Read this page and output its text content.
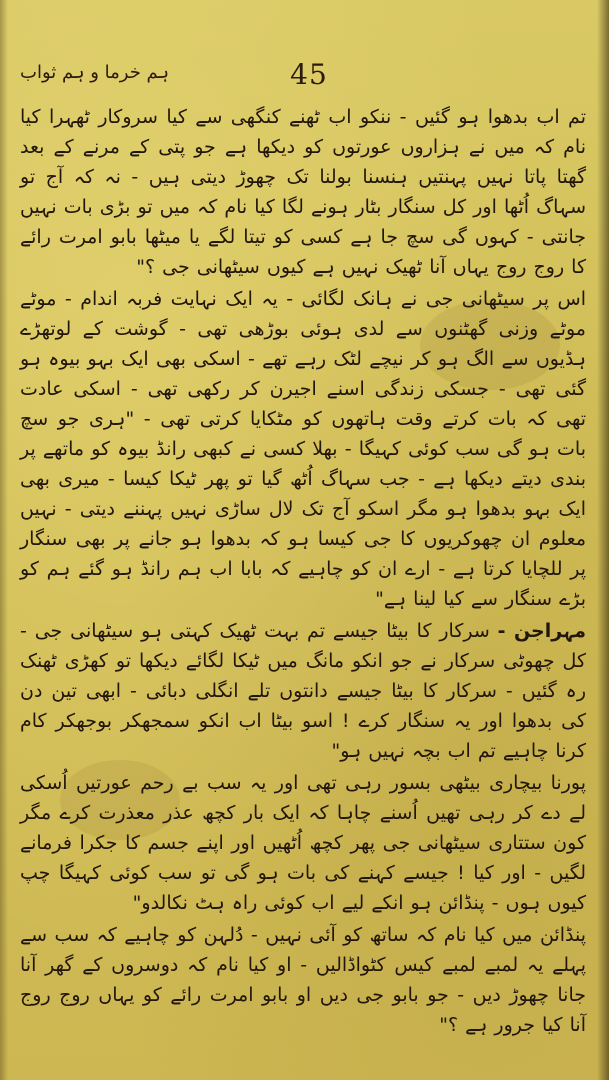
ہم خرما و ہم ثواب	45

تم اب بدھوا ہو گئیں - ننکو اب ٹھنے کنگھی سے کیا سروکار ٹھہرا کیا نام کہ میں نے ہزاروں عورتوں کو دیکھا ہے جو پتی کے مرنے کے بعد گھتا پاتا نہیں پہنتیں ہنسنا بولنا تک چھوڑ دیتی ہیں - نہ کہ آج تو سہاگ اُٹھا اور کل سنگار بٹار ہونے لگا کیا نام کہ میں تو بڑی بات نہیں جانتی - کہوں گی سچ جا ہے کسی کو تیتا لگے یا میٹھا بابو امرت رائے کا روج روج یہاں آنا ٹھیک نہیں ہے کیوں سیٹھانی جی ؟"

اس پر سیٹھانی جی نے ہانک لگائی - یہ ایک نہایت فربہ اندام - موٹے موٹے وزنی گھٹنوں سے لدی ہوئی بوڑھی تھی - گوشت کے لوتھڑے ہڈیوں سے الگ ہو کر نیچے لٹک رہے تھے - اسکی بھی ایک بہو بیوہ ہو گئی تھی - جسکی زندگی اسنے اجیرن کر رکھی تھی - اسکی عادت تھی کہ بات کرتے وقت ہاتھوں کو مٹکایا کرتی تھی - "ہری جو سچ بات ہو گی سب کوئی کہیگا - بھلا کسی نے کبھی رانڈ بیوہ کو ماتھے پر بندی دیتے دیکھا ہے - جب سہاگ اُٹھ گیا تو پھر ٹیکا کیسا - میری بھی ایک بہو بدھوا ہو مگر اسکو آج تک لال ساڑی نہیں پہننے دیتی - نہیں معلوم ان چھوکریوں کا جی کیسا ہو کہ بدھوا ہو جانے پر بھی سنگار پر للچایا کرتا ہے - ارے ان کو چاہیے کہ بابا اب ہم رانڈ ہو گئے ہم کو بڑے سنگار سے کیا لینا ہے"

مہراجن - سرکار کا بیٹا جیسے تم بہت ٹھیک کہتی ہو سیٹھانی جی - کل چھوٹی سرکار نے جو انکو مانگ میں ٹیکا لگائے دیکھا تو کھڑی ٹھنک رہ گئیں - سرکار کا بیٹا جیسے دانتوں تلے انگلی دبائی - ابھی تین دن کی بدھوا اور یہ سنگار کرے ! اسو بیٹا اب انکو سمجھکر بوجھکر کام کرنا چاہیے تم اب بچہ نہیں ہو"

پورنا بیچاری بیٹھی بسور رہی تھی اور یہ سب بے رحم عورتیں اُسکی لے دے کر رہی تھیں اُسنے چاہا کہ ایک بار کچھ عذر معذرت کرے مگر کون ستتاری سیٹھانی جی پھر کچھ اُٹھیں اور اپنے جسم کا جکرا فرمانے لگیں - اور کیا ! جیسے کہنے کی بات ہو گی تو سب کوئی کہیگا چپ کیوں ہوں - پنڈائن ہو انکے لیے اب کوئی راہ ہٹ نکالدو"

پنڈائن میں کیا نام کہ ساتھ کو آئی نہیں - دُلہن کو چاہیے کہ سب سے پہلے یہ لمبے لمبے کیس کٹواڈالیں - او کیا نام کہ دوسروں کے گھر آنا جانا چھوڑ دیں - جو بابو جی دیں او بابو امرت رائے کو یہاں روج روج آنا کیا جرور ہے ؟"
